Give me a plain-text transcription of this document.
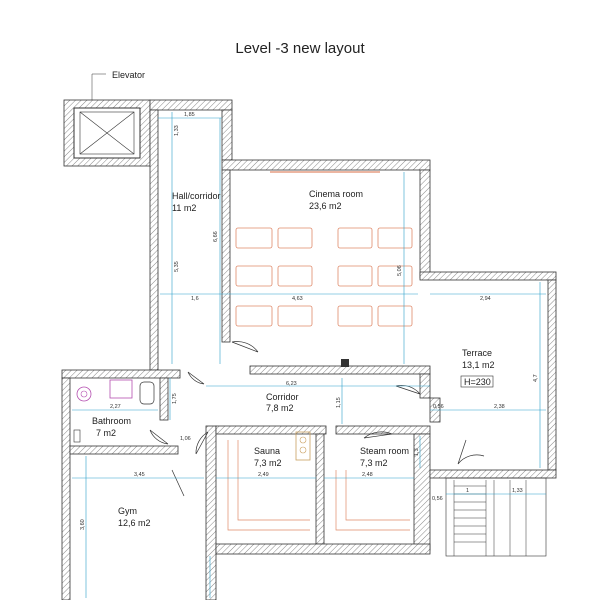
Level -3 new layout
Elevator
Hall/corridor
11 m2
Cinema room
23,6 m2
Terrace
13,1 m2
H=230
Corridor
7,8 m2
Bathroom
7 m2
Sauna
7,3 m2
Steam room
7,3 m2
Gym
12,6 m2
1,85
1,33
6,66
5,35
1,6	4,63
5,06
2,94
4,7
6,23
2,27
1,75	1,15	0,56	2,38
1,06
3,45	2,49	2,48
1,3
3,60
0,56
1	1,33
